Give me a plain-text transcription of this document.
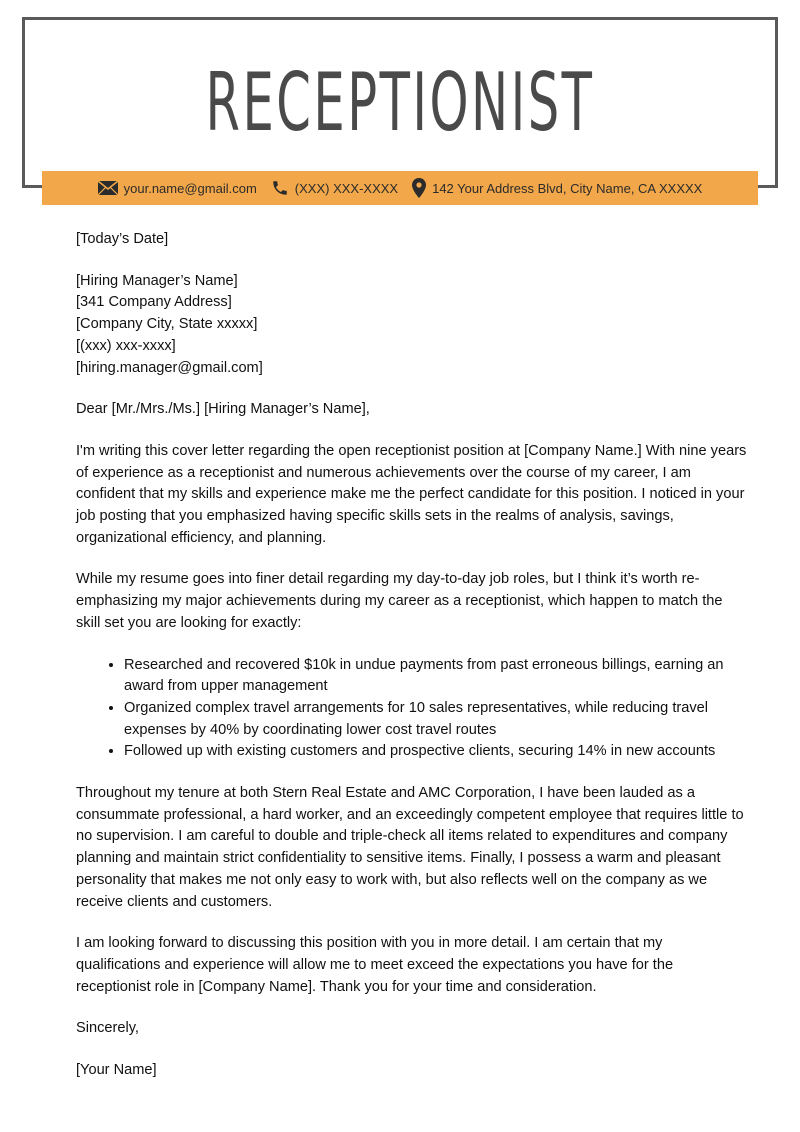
RECEPTIONIST
your.name@gmail.com	(XXX) XXX-XXXX	142 Your Address Blvd, City Name, CA XXXXX

[Today’s Date]

[Hiring Manager’s Name]
[341 Company Address]
[Company City, State xxxxx]
[(xxx) xxx-xxxx]
[hiring.manager@gmail.com]

Dear [Mr./Mrs./Ms.] [Hiring Manager’s Name],

I'm writing this cover letter regarding the open receptionist position at [Company Name.] With nine years of experience as a receptionist and numerous achievements over the course of my career, I am confident that my skills and experience make me the perfect candidate for this position. I noticed in your job posting that you emphasized having specific skills sets in the realms of analysis, savings, organizational efficiency, and planning.

While my resume goes into finer detail regarding my day-to-day job roles, but I think it’s worth re-emphasizing my major achievements during my career as a receptionist, which happen to match the skill set you are looking for exactly:

• Researched and recovered $10k in undue payments from past erroneous billings, earning an award from upper management
• Organized complex travel arrangements for 10 sales representatives, while reducing travel expenses by 40% by coordinating lower cost travel routes
• Followed up with existing customers and prospective clients, securing 14% in new accounts

Throughout my tenure at both Stern Real Estate and AMC Corporation, I have been lauded as a consummate professional, a hard worker, and an exceedingly competent employee that requires little to no supervision. I am careful to double and triple-check all items related to expenditures and company planning and maintain strict confidentiality to sensitive items. Finally, I possess a warm and pleasant personality that makes me not only easy to work with, but also reflects well on the company as we receive clients and customers.

I am looking forward to discussing this position with you in more detail. I am certain that my qualifications and experience will allow me to meet exceed the expectations you have for the receptionist role in [Company Name]. Thank you for your time and consideration.

Sincerely,

[Your Name]
